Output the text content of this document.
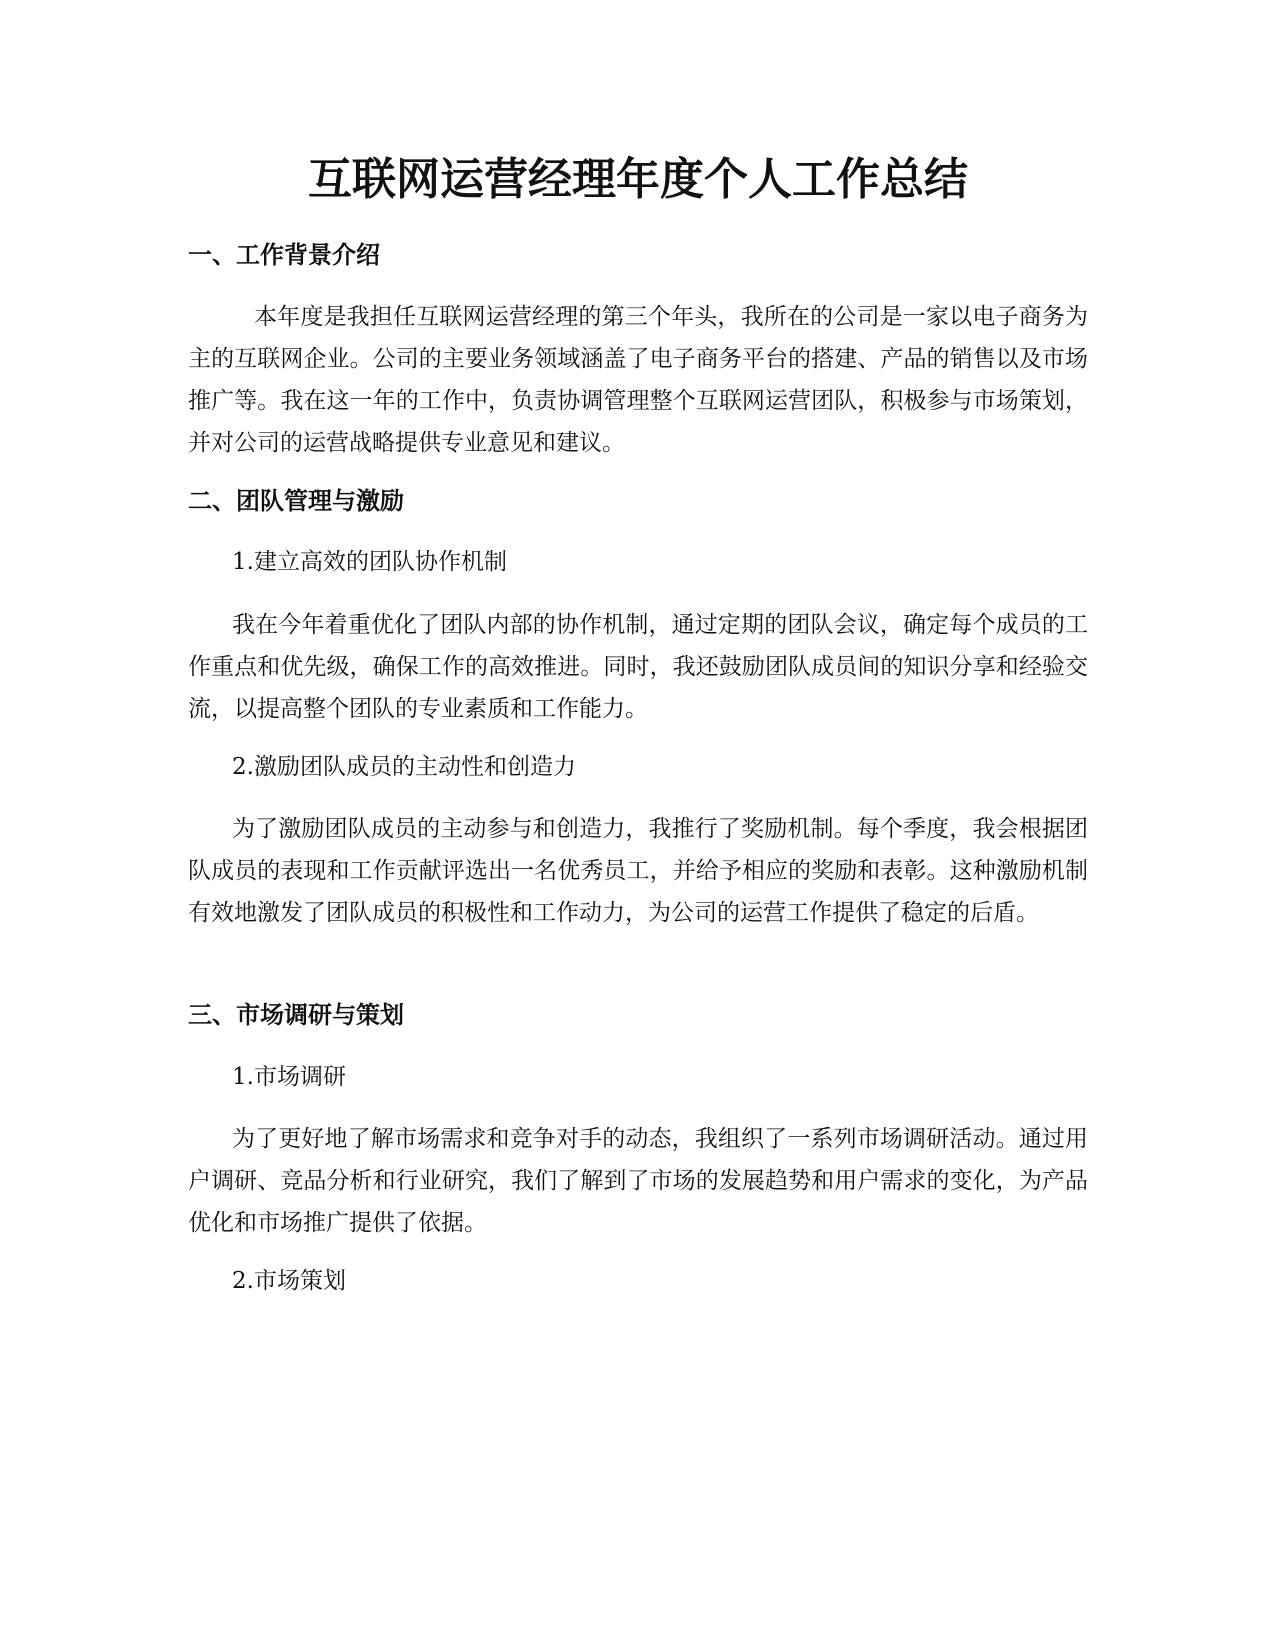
互联网运营经理年度个人工作总结
一、工作背景介绍

本年度是我担任互联网运营经理的第三个年头，我所在的公司是一家以电子商务为主的互联网企业。公司的主要业务领域涵盖了电子商务平台的搭建、产品的销售以及市场推广等。我在这一年的工作中，负责协调管理整个互联网运营团队，积极参与市场策划，并对公司的运营战略提供专业意见和建议。

二、团队管理与激励

1.建立高效的团队协作机制

我在今年着重优化了团队内部的协作机制，通过定期的团队会议，确定每个成员的工作重点和优先级，确保工作的高效推进。同时，我还鼓励团队成员间的知识分享和经验交流，以提高整个团队的专业素质和工作能力。

2.激励团队成员的主动性和创造力

为了激励团队成员的主动参与和创造力，我推行了奖励机制。每个季度，我会根据团队成员的表现和工作贡献评选出一名优秀员工，并给予相应的奖励和表彰。这种激励机制有效地激发了团队成员的积极性和工作动力，为公司的运营工作提供了稳定的后盾。

三、市场调研与策划

1.市场调研

为了更好地了解市场需求和竞争对手的动态，我组织了一系列市场调研活动。通过用户调研、竞品分析和行业研究，我们了解到了市场的发展趋势和用户需求的变化，为产品优化和市场推广提供了依据。

2.市场策划
